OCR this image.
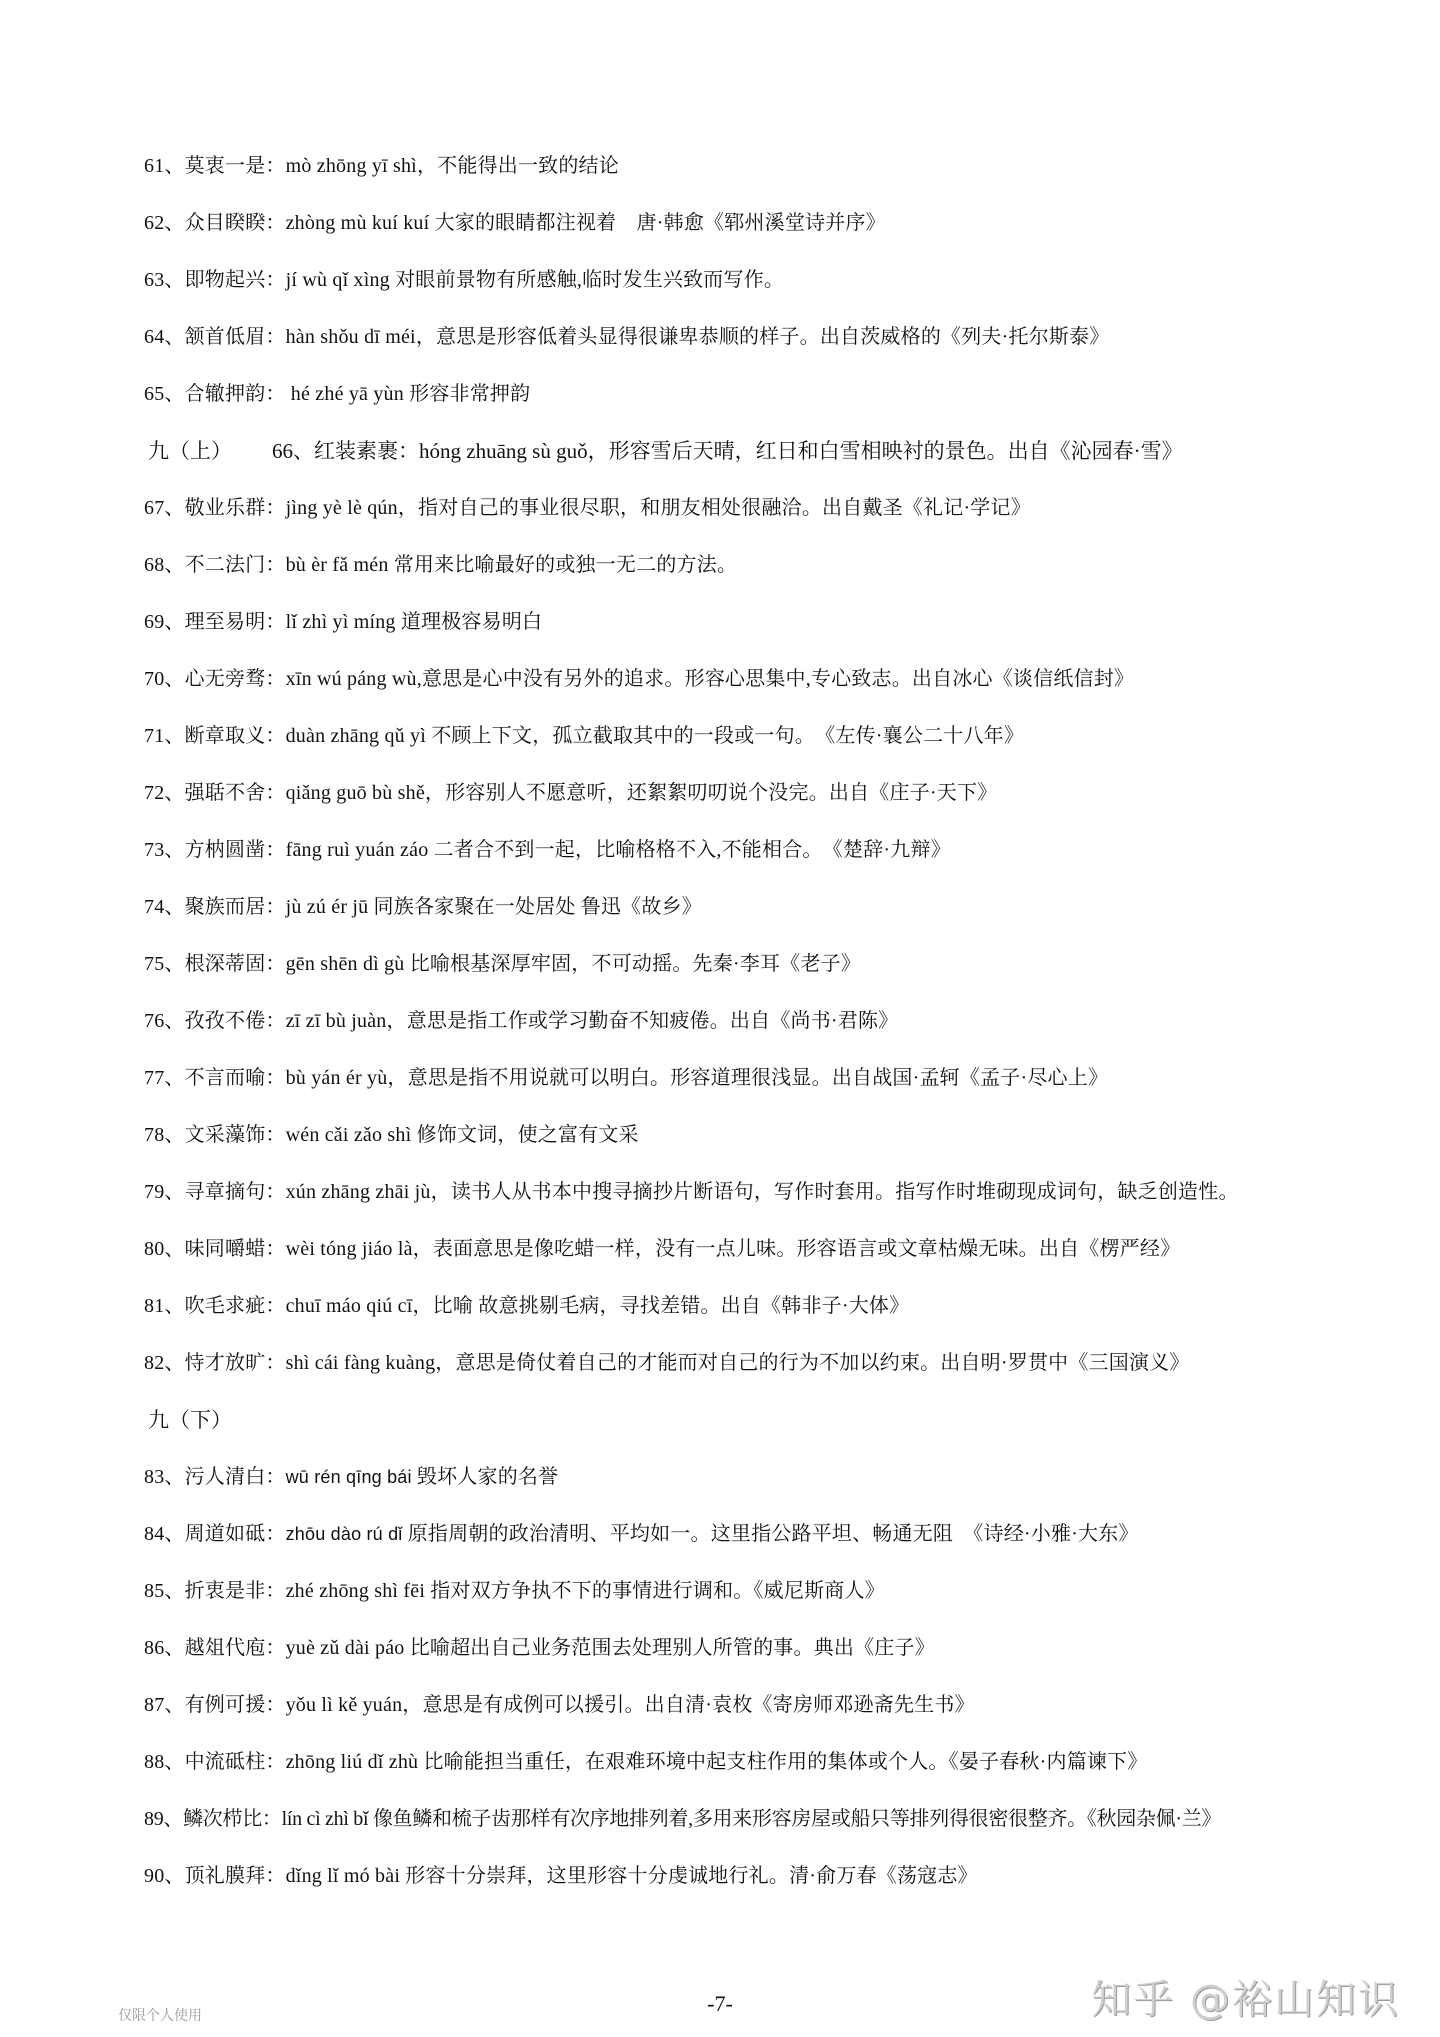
61、莫衷一是：mò zhōng yī shì，不能得出一致的结论
62、众目睽睽：zhòng mù kuí kuí 大家的眼睛都注视着　唐·韩愈《郓州溪堂诗并序》
63、即物起兴：jí wù qǐ xìng 对眼前景物有所感触,临时发生兴致而写作。
64、颔首低眉：hàn shǒu dī méi，意思是形容低着头显得很谦卑恭顺的样子。出自茨威格的《列夫·托尔斯泰》
65、合辙押韵： hé zhé yā yùn 形容非常押韵
九（上） 66、红装素裹：hóng zhuāng sù guǒ，形容雪后天晴，红日和白雪相映衬的景色。出自《沁园春·雪》
67、敬业乐群：jìng yè lè qún，指对自己的事业很尽职，和朋友相处很融洽。出自戴圣《礼记·学记》
68、不二法门：bù èr fǎ mén 常用来比喻最好的或独一无二的方法。
69、理至易明：lǐ zhì yì míng 道理极容易明白
70、心无旁骛：xīn wú páng wù,意思是心中没有另外的追求。形容心思集中,专心致志。出自冰心《谈信纸信封》
71、断章取义：duàn zhāng qǔ yì 不顾上下文，孤立截取其中的一段或一句。　《左传·襄公二十八年》
72、强聒不舍：qiǎng guō bù shě，形容别人不愿意听，还絮絮叨叨说个没完。出自《庄子·天下》
73、方枘圆凿：fāng ruì yuán záo 二者合不到一起，比喻格格不入,不能相合。　《楚辞·九辩》
74、聚族而居：jù zú ér jū 同族各家聚在一处居处 鲁迅《故乡》
75、根深蒂固：gēn shēn dì gù 比喻根基深厚牢固，不可动摇。先秦·李耳《老子》
76、孜孜不倦：zī zī bù juàn，意思是指工作或学习勤奋不知疲倦。出自《尚书·君陈》
77、不言而喻：bù yán ér yù，意思是指不用说就可以明白。形容道理很浅显。出自战国·孟轲《孟子·尽心上》
78、文采藻饰：wén cǎi zǎo shì 修饰文词，使之富有文采
79、寻章摘句：xún zhāng zhāi jù，读书人从书本中搜寻摘抄片断语句，写作时套用。指写作时堆砌现成词句，缺乏创造性。
80、味同嚼蜡：wèi tóng jiáo là，表面意思是像吃蜡一样，没有一点儿味。形容语言或文章枯燥无味。出自《楞严经》
81、吹毛求疵：chuī máo qiú cī，比喻 故意挑剔毛病，寻找差错。出自《韩非子·大体》
82、恃才放旷：shì cái fàng kuàng，意思是倚仗着自己的才能而对自己的行为不加以约束。出自明·罗贯中《三国演义》
九（下）
83、污人清白：wū rén qīng bái 毁坏人家的名誉
84、周道如砥：zhōu dào rú dǐ 原指周朝的政治清明、平均如一。这里指公路平坦、畅通无阻　《诗经·小雅·大东》
85、折衷是非：zhé zhōng shì fēi 指对双方争执不下的事情进行调和。《威尼斯商人》
86、越俎代庖：yuè zǔ dài páo 比喻超出自己业务范围去处理别人所管的事。典出《庄子》
87、有例可援：yǒu lì kě yuán，意思是有成例可以援引。出自清·袁枚《寄房师邓逊斋先生书》
88、中流砥柱：zhōng liú dǐ zhù 比喻能担当重任，在艰难环境中起支柱作用的集体或个人。《晏子春秋·内篇谏下》
89、鳞次栉比：lín cì zhì bǐ 像鱼鳞和梳子齿那样有次序地排列着,多用来形容房屋或船只等排列得很密很整齐。《秋园杂佩·兰》
90、顶礼膜拜：dǐng lǐ mó bài 形容十分崇拜，这里形容十分虔诚地行礼。清·俞万春《荡寇志》
-7-
仅限个人使用	知乎 @裕山知识
